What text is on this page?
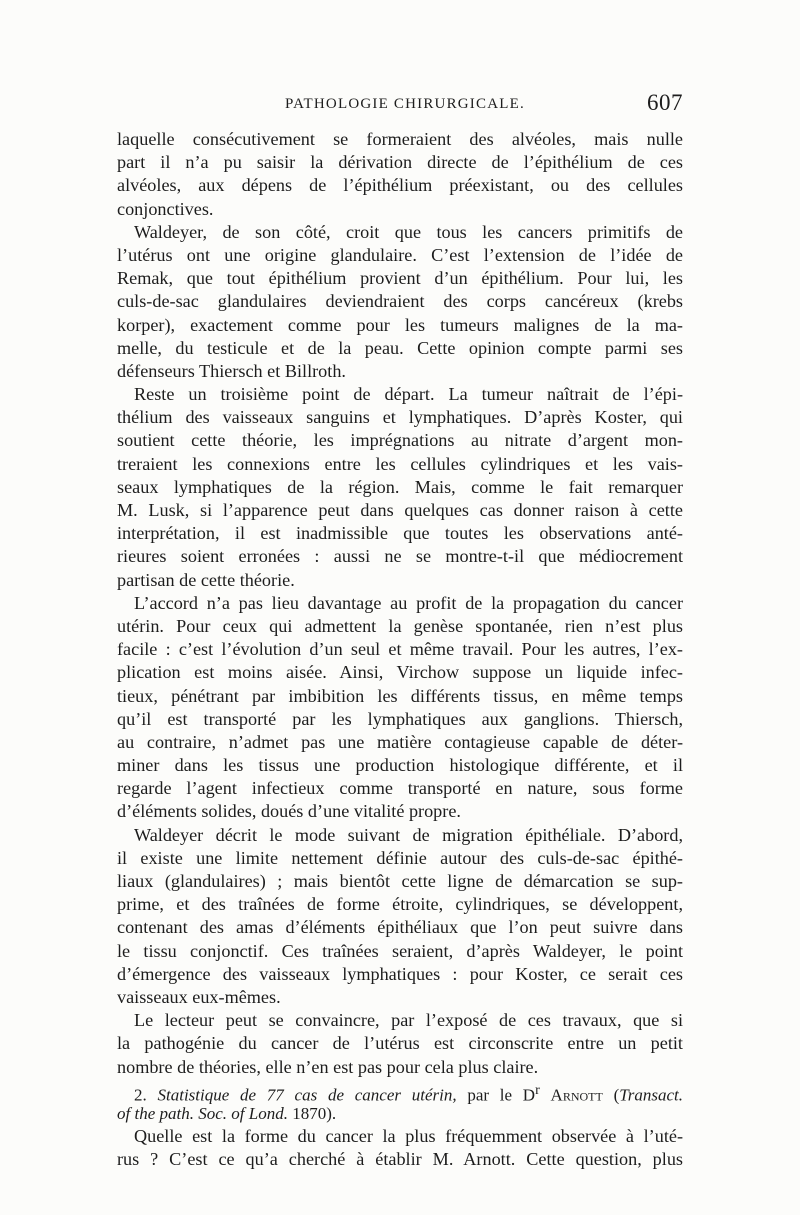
PATHOLOGIE CHIRURGICALE.	607
laquelle consécutivement se formeraient des alvéoles, mais nulle
part il n’a pu saisir la dérivation directe de l’épithélium de ces
alvéoles, aux dépens de l’épithélium préexistant, ou des cellules
conjonctives.
Waldeyer, de son côté, croit que tous les cancers primitifs de
l’utérus ont une origine glandulaire. C’est l’extension de l’idée de
Remak, que tout épithélium provient d’un épithélium. Pour lui, les
culs-de-sac glandulaires deviendraient des corps cancéreux (krebs
korper), exactement comme pour les tumeurs malignes de la ma-
melle, du testicule et de la peau. Cette opinion compte parmi ses
défenseurs Thiersch et Billroth.
Reste un troisième point de départ. La tumeur naîtrait de l’épi-
thélium des vaisseaux sanguins et lymphatiques. D’après Koster, qui
soutient cette théorie, les imprégnations au nitrate d’argent mon-
treraient les connexions entre les cellules cylindriques et les vais-
seaux lymphatiques de la région. Mais, comme le fait remarquer
M. Lusk, si l’apparence peut dans quelques cas donner raison à cette
interprétation, il est inadmissible que toutes les observations anté-
rieures soient erronées : aussi ne se montre-t-il que médiocrement
partisan de cette théorie.
L’accord n’a pas lieu davantage au profit de la propagation du cancer
utérin. Pour ceux qui admettent la genèse spontanée, rien n’est plus
facile : c’est l’évolution d’un seul et même travail. Pour les autres, l’ex-
plication est moins aisée. Ainsi, Virchow suppose un liquide infec-
tieux, pénétrant par imbibition les différents tissus, en même temps
qu’il est transporté par les lymphatiques aux ganglions. Thiersch,
au contraire, n’admet pas une matière contagieuse capable de déter-
miner dans les tissus une production histologique différente, et il
regarde l’agent infectieux comme transporté en nature, sous forme
d’éléments solides, doués d’une vitalité propre.
Waldeyer décrit le mode suivant de migration épithéliale. D’abord,
il existe une limite nettement définie autour des culs-de-sac épithé-
liaux (glandulaires) ; mais bientôt cette ligne de démarcation se sup-
prime, et des traînées de forme étroite, cylindriques, se développent,
contenant des amas d’éléments épithéliaux que l’on peut suivre dans
le tissu conjonctif. Ces traînées seraient, d’après Waldeyer, le point
d’émergence des vaisseaux lymphatiques : pour Koster, ce serait ces
vaisseaux eux-mêmes.
Le lecteur peut se convaincre, par l’exposé de ces travaux, que si
la pathogénie du cancer de l’utérus est circonscrite entre un petit
nombre de théories, elle n’en est pas pour cela plus claire.
2. Statistique de 77 cas de cancer utérin, par le $D^r$ Arnott (Transact.
of the path. Soc. of Lond. 1870).
Quelle est la forme du cancer la plus fréquemment observée à l’uté-
rus ? C’est ce qu’a cherché à établir M. Arnott. Cette question, plus
